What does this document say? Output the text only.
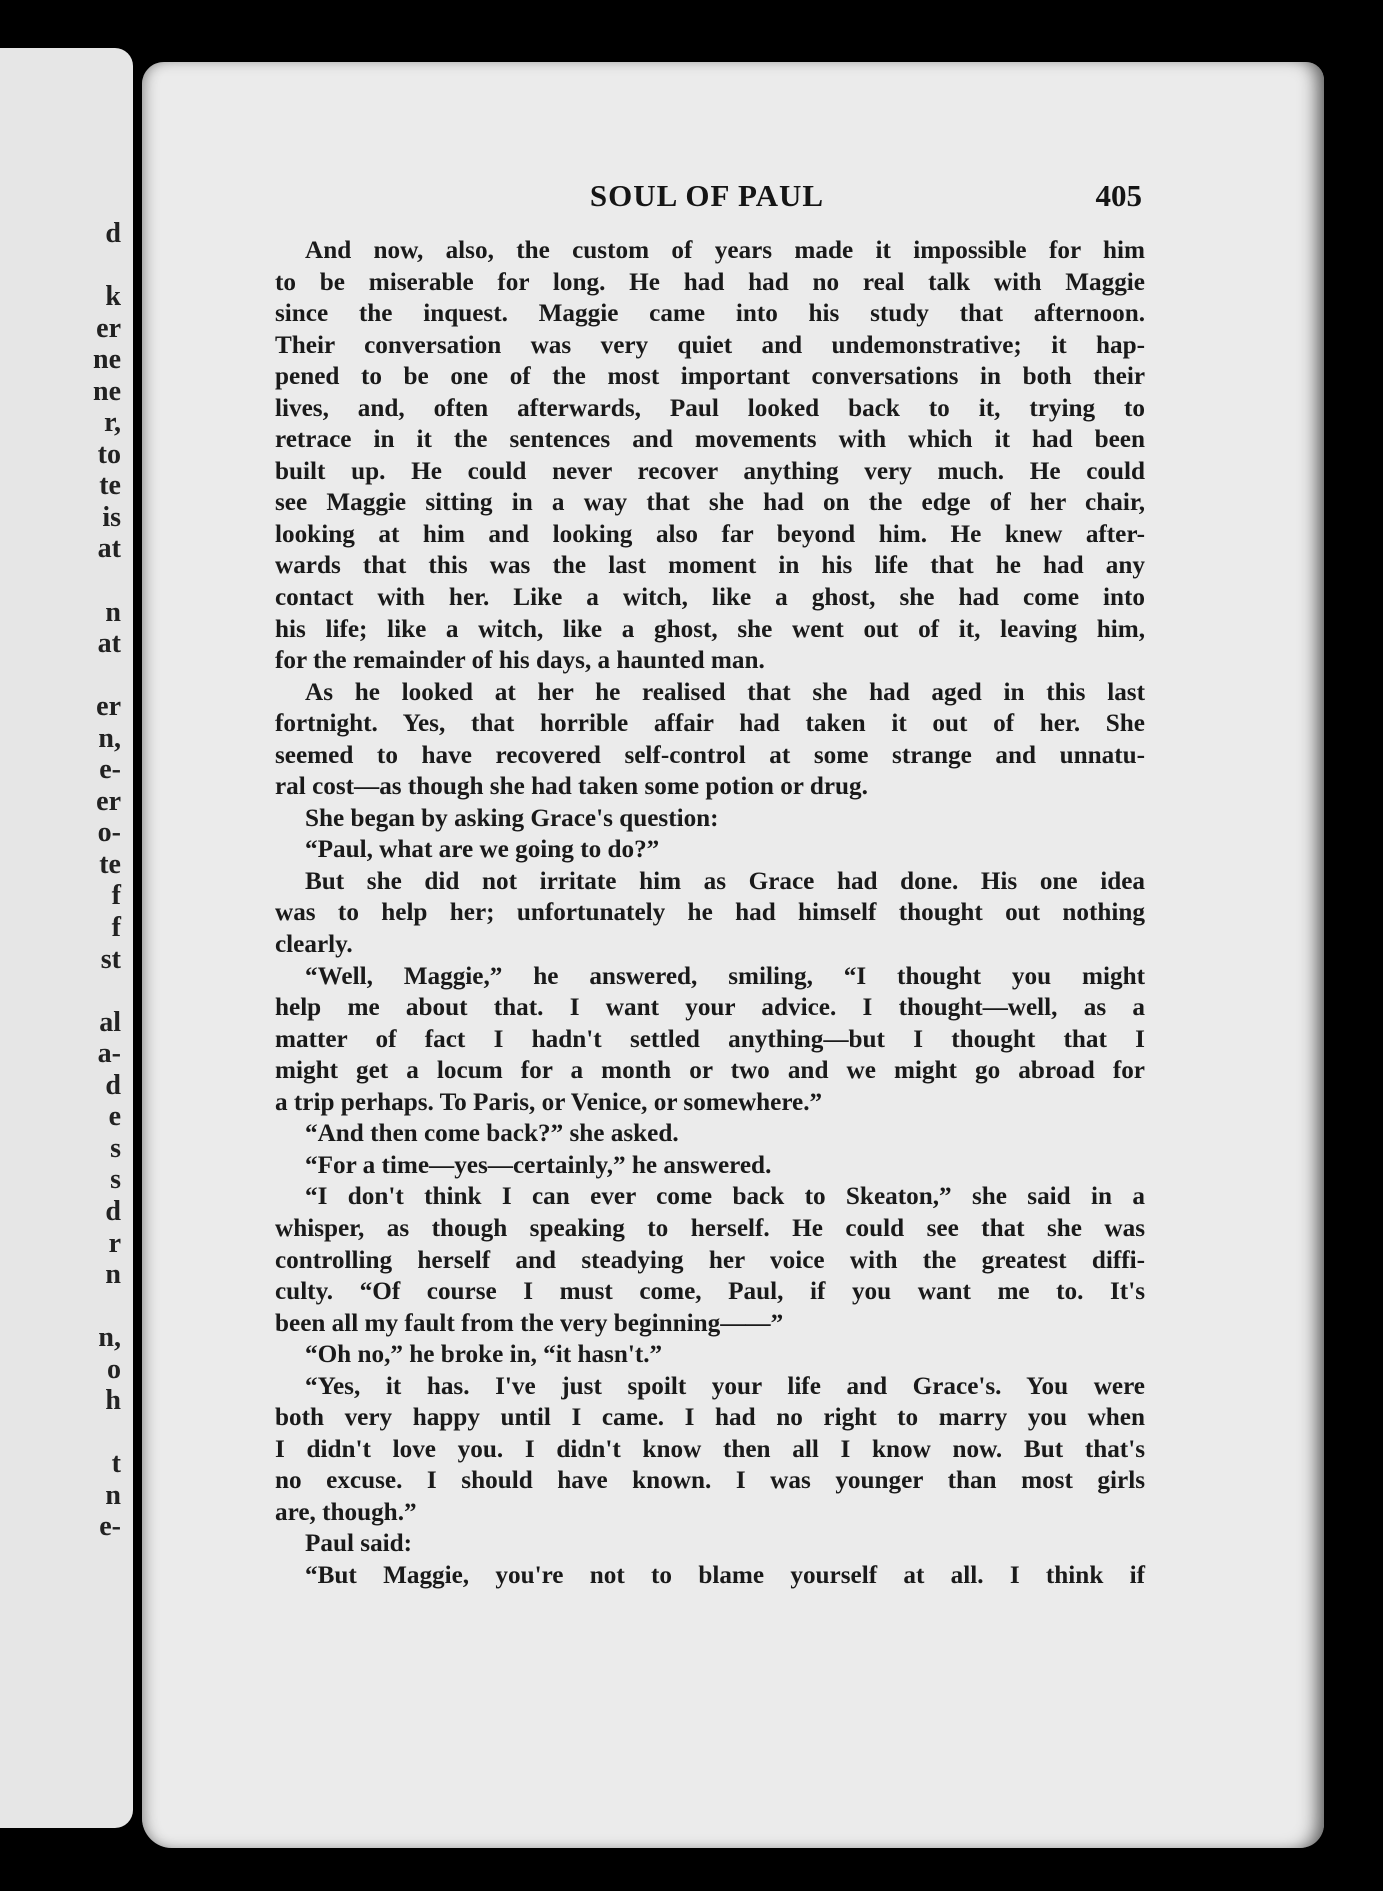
d
k
er
ne
ne
r,
to
te
is
at
n
at
er
n,
e-
er
o-
te
f
f
st
al
a-
d
e
s
s
d
r
n
n,
o
h
t
n
e-
SOUL OF PAUL	405

And now, also, the custom of years made it impossible for him

to be miserable for long. He had had no real talk with Maggie

since the inquest. Maggie came into his study that afternoon.

Their conversation was very quiet and undemonstrative; it hap-

pened to be one of the most important conversations in both their

lives, and, often afterwards, Paul looked back to it, trying to

retrace in it the sentences and movements with which it had been

built up. He could never recover anything very much. He could

see Maggie sitting in a way that she had on the edge of her chair,

looking at him and looking also far beyond him. He knew after-

wards that this was the last moment in his life that he had any

contact with her. Like a witch, like a ghost, she had come into

his life; like a witch, like a ghost, she went out of it, leaving him,

for the remainder of his days, a haunted man.

As he looked at her he realised that she had aged in this last

fortnight. Yes, that horrible affair had taken it out of her. She

seemed to have recovered self-control at some strange and unnatu-

ral cost—as though she had taken some potion or drug.

She began by asking Grace's question:

“Paul, what are we going to do?”

But she did not irritate him as Grace had done. His one idea

was to help her; unfortunately he had himself thought out nothing

clearly.

“Well, Maggie,” he answered, smiling, “I thought you might

help me about that. I want your advice. I thought—well, as a

matter of fact I hadn't settled anything—but I thought that I

might get a locum for a month or two and we might go abroad for

a trip perhaps. To Paris, or Venice, or somewhere.”

“And then come back?” she asked.

“For a time—yes—certainly,” he answered.

“I don't think I can ever come back to Skeaton,” she said in a

whisper, as though speaking to herself. He could see that she was

controlling herself and steadying her voice with the greatest diffi-

culty. “Of course I must come, Paul, if you want me to. It's

been all my fault from the very beginning——”

“Oh no,” he broke in, “it hasn't.”

“Yes, it has. I've just spoilt your life and Grace's. You were

both very happy until I came. I had no right to marry you when

I didn't love you. I didn't know then all I know now. But that's

no excuse. I should have known. I was younger than most girls

are, though.”

Paul said:

“But Maggie, you're not to blame yourself at all. I think if
